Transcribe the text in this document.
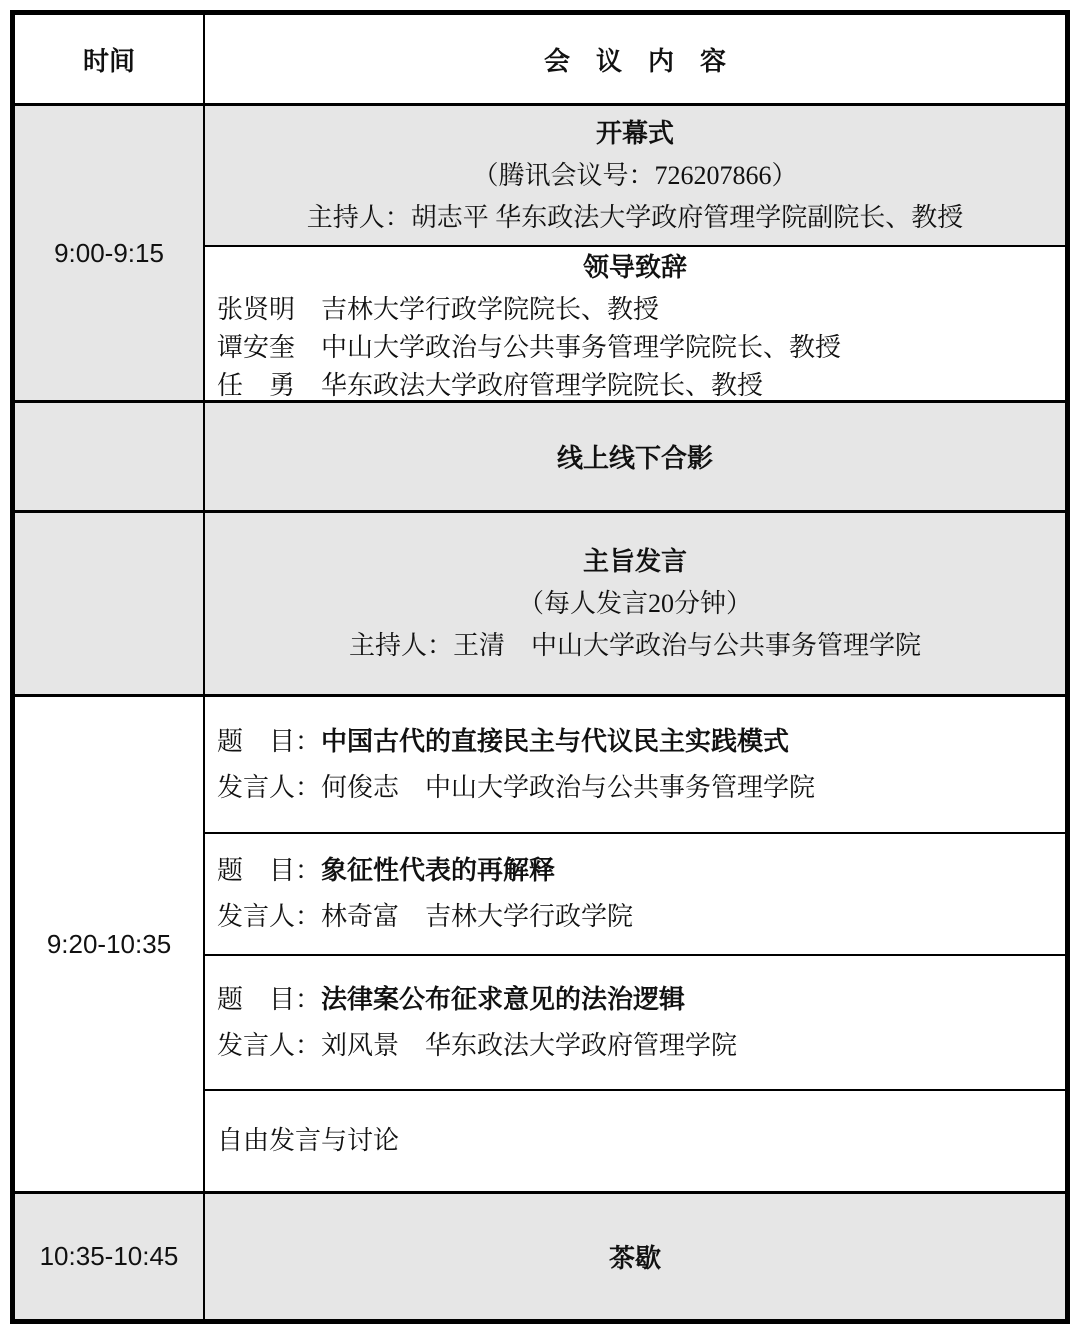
时间	会　议　内　容
9:00-9:15
开幕式
（腾讯会议号：726207866）
主持人：胡志平 华东政法大学政府管理学院副院长、教授
领导致辞
张贤明　吉林大学行政学院院长、教授
谭安奎　中山大学政治与公共事务管理学院院长、教授
任　勇　华东政法大学政府管理学院院长、教授
线上线下合影
主旨发言
（每人发言20分钟）
主持人：王清　中山大学政治与公共事务管理学院
9:20-10:35
题　目：中国古代的直接民主与代议民主实践模式
发言人：何俊志　中山大学政治与公共事务管理学院
题　目：象征性代表的再解释
发言人：林奇富　吉林大学行政学院
题　目：法律案公布征求意见的法治逻辑
发言人：刘风景　华东政法大学政府管理学院
自由发言与讨论
10:35-10:45	茶歇
